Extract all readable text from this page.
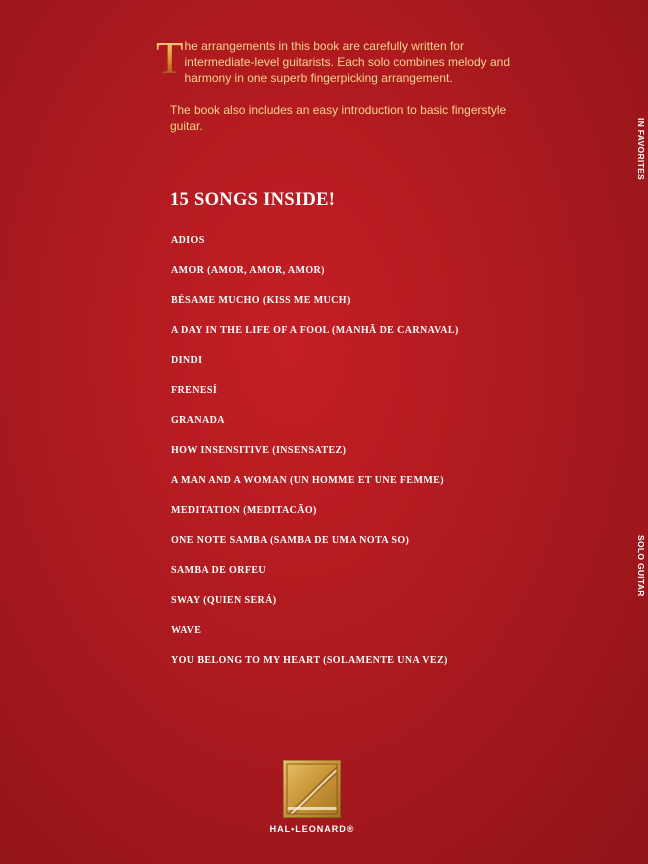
T he arrangements in this book are carefully written for intermediate-level guitarists. Each solo combines melody and harmony in one superb fingerpicking arrangement.

The book also includes an easy introduction to basic fingerstyle guitar.

15 SONGS INSIDE!
ADIOS
AMOR (AMOR, AMOR, AMOR)
BÉSAME MUCHO (KISS ME MUCH)
A DAY IN THE LIFE OF A FOOL (MANHÃ DE CARNAVAL)
DINDI
FRENESÍ
GRANADA
HOW INSENSITIVE (INSENSATEZ)
A MAN AND A WOMAN (UN HOMME ET UNE FEMME)
MEDITATION (MEDITACÃO)
ONE NOTE SAMBA (SAMBA DE UMA NOTA SO)
SAMBA DE ORFEU
SWAY (QUIEN SERÁ)
WAVE
YOU BELONG TO MY HEART (SOLAMENTE UNA VEZ)
IN FAVORITES
SOLO GUITAR
HAL•LEONARD®
